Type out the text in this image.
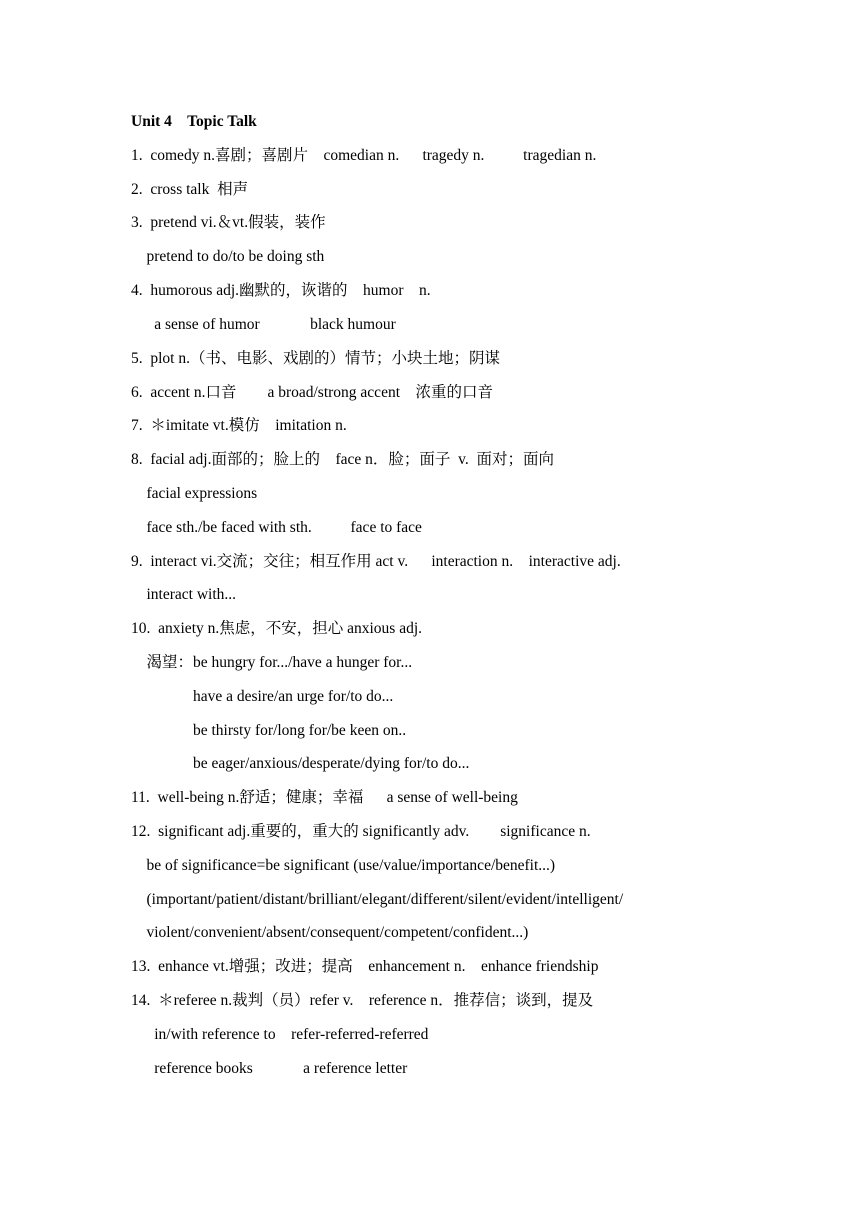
Unit 4    Topic Talk
1.  comedy n.喜剧；喜剧片    comedian n.      tragedy n.          tragedian n.
2.  cross talk  相声
3.  pretend vi.＆vt.假装，装作
pretend to do/to be doing sth
4.  humorous adj.幽默的，诙谐的    humor    n.
a sense of humor             black humour
5.  plot n.（书、电影、戏剧的）情节；小块土地；阴谋
6.  accent n.口音        a broad/strong accent    浓重的口音
7.  ＊imitate vt.模仿    imitation n.
8.  facial adj.面部的；脸上的    face n．脸；面子  v.  面对；面向
facial expressions
face sth./be faced with sth.          face to face
9.  interact vi.交流；交往；相互作用 act v.      interaction n.    interactive adj.
interact with...
10.  anxiety n.焦虑，不安，担心 anxious adj.
渴望：be hungry for.../have a hunger for...
have a desire/an urge for/to do...
be thirsty for/long for/be keen on..
be eager/anxious/desperate/dying for/to do...
11.  well-being n.舒适；健康；幸福      a sense of well-being
12.  significant adj.重要的，重大的 significantly adv.        significance n.
be of significance=be significant (use/value/importance/benefit...)
(important/patient/distant/brilliant/elegant/different/silent/evident/intelligent/
violent/convenient/absent/consequent/competent/confident...)
13.  enhance vt.增强；改进；提高    enhancement n.    enhance friendship
14.  ＊referee n.裁判（员）refer v.    reference n．推荐信；谈到，提及
in/with reference to    refer-referred-referred
reference books             a reference letter
